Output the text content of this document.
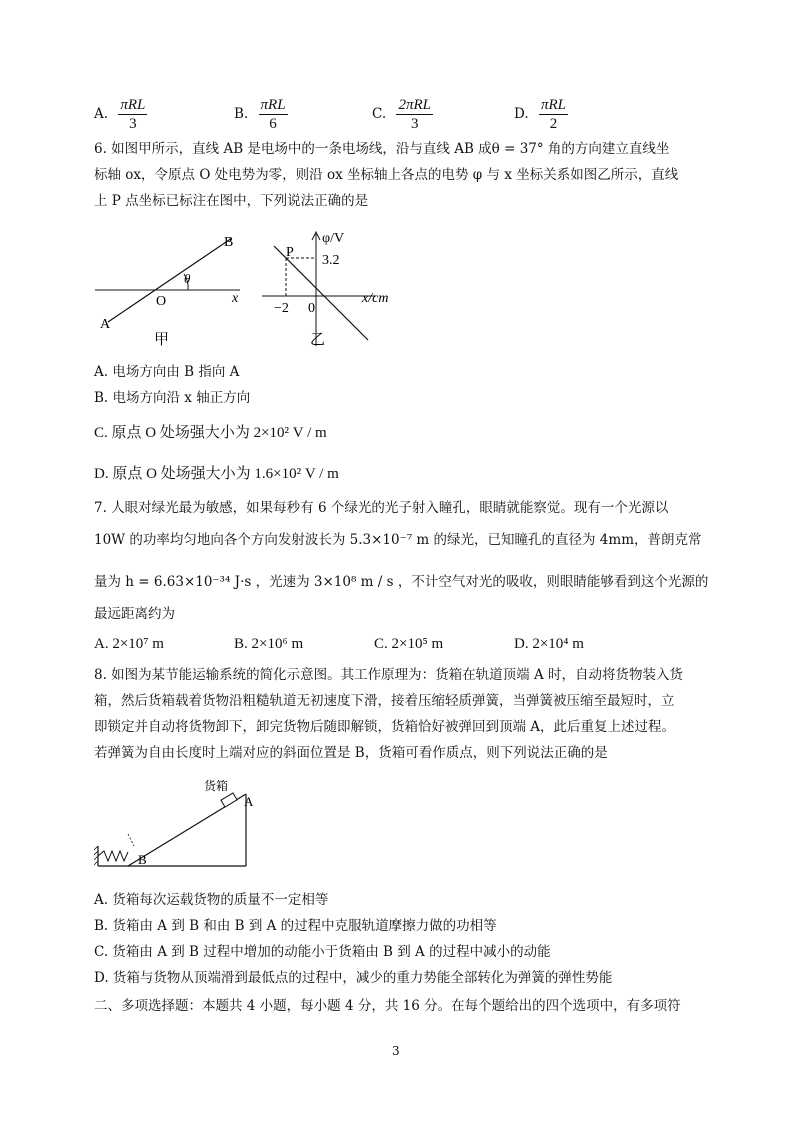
A. $\frac{\text{πRL}}{3}$	B. $\frac{\text{πRL}}{6}$	C. $\frac{\text{2πRL}}{3}$	D. $\frac{\text{πRL}}{2}$
6. 如图甲所示，直线 AB 是电场中的一条电场线，沿与直线 AB 成θ = 37° 角的方向建立直线坐
标轴 ox，令原点 O 处电势为零，则沿 ox 坐标轴上各点的电势 φ 与 x 坐标关系如图乙所示，直线
上 P 点坐标已标注在图中，下列说法正确的是
B
A
O	x
θ
甲
P
φ/V
3.2
−2 0
x/cm
乙
A. 电场方向由 B 指向 A
B. 电场方向沿 x 轴正方向
C. 原点 O 处场强大小为 2×10² V / m
D. 原点 O 处场强大小为 1.6×10² V / m
7. 人眼对绿光最为敏感，如果每秒有 6 个绿光的光子射入瞳孔，眼睛就能察觉。现有一个光源以
10W 的功率均匀地向各个方向发射波长为 5.3×10⁻⁷ m 的绿光，已知瞳孔的直径为 4mm，普朗克常
量为 h = 6.63×10⁻³⁴ J·s ，光速为 3×10⁸ m / s ，不计空气对光的吸收，则眼睛能够看到这个光源的
最远距离约为
A. 2×10⁷ m	B. 2×10⁶ m	C. 2×10⁵ m	D. 2×10⁴ m
8. 如图为某节能运输系统的简化示意图。其工作原理为：货箱在轨道顶端 A 时，自动将货物装入货
箱，然后货箱载着货物沿粗糙轨道无初速度下滑，接着压缩轻质弹簧，当弹簧被压缩至最短时，立
即锁定并自动将货物卸下，卸完货物后随即解锁，货箱恰好被弹回到顶端 A，此后重复上述过程。
若弹簧为自由长度时上端对应的斜面位置是 B，货箱可看作质点，则下列说法正确的是
货箱
A
B
A. 货箱每次运载货物的质量不一定相等
B. 货箱由 A 到 B 和由 B 到 A 的过程中克服轨道摩擦力做的功相等
C. 货箱由 A 到 B 过程中增加的动能小于货箱由 B 到 A 的过程中减小的动能
D. 货箱与货物从顶端滑到最低点的过程中，减少的重力势能全部转化为弹簧的弹性势能
二、多项选择题：本题共 4 小题，每小题 4 分，共 16 分。在每个题给出的四个选项中，有多项符
3
